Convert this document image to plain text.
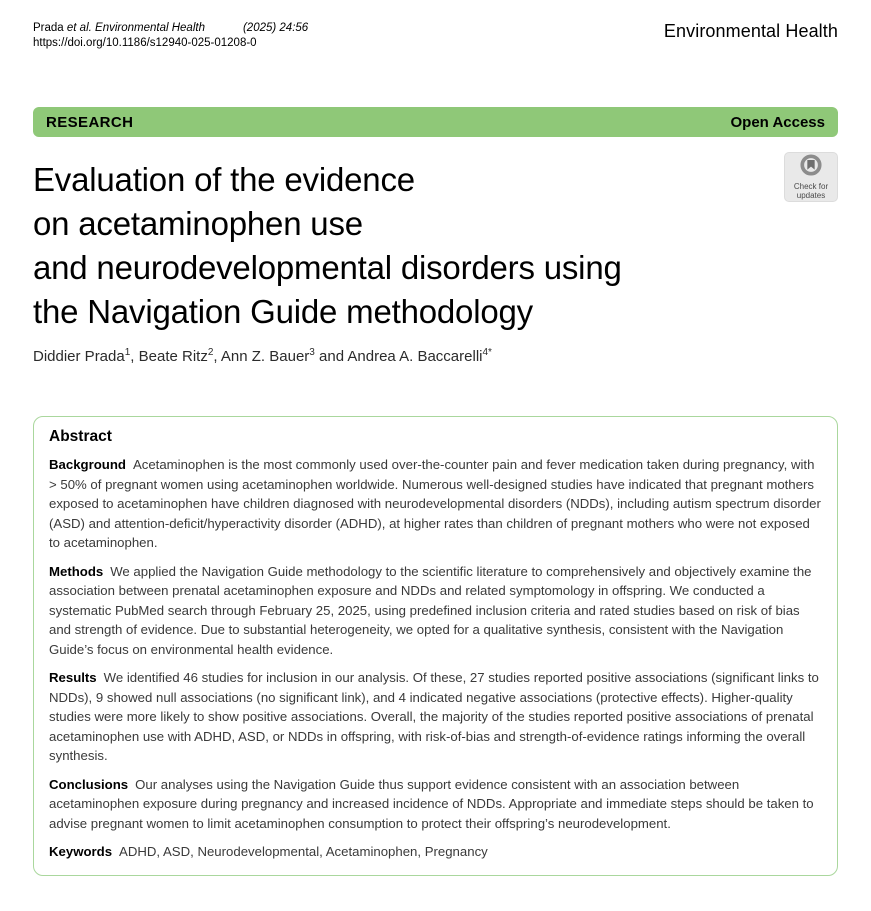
Prada et al. Environmental Health	(2025) 24:56
https://doi.org/10.1186/s12940-025-01208-0
Environmental Health
RESEARCH	Open Access
Check for
updates
Evaluation of the evidence
on acetaminophen use
and neurodevelopmental disorders using
the Navigation Guide methodology
Diddier Prada$^1$, Beate Ritz$^2$, Ann Z. Bauer$^3$ and Andrea A. Baccarelli$^{4*}$
Abstract

Background Acetaminophen is the most commonly used over-the-counter pain and fever medication taken during pregnancy, with > 50% of pregnant women using acetaminophen worldwide. Numerous well-designed studies have indicated that pregnant mothers exposed to acetaminophen have children diagnosed with neurodevelopmental disorders (NDDs), including autism spectrum disorder (ASD) and attention-deficit/hyperactivity disorder (ADHD), at higher rates than children of pregnant mothers who were not exposed to acetaminophen.

Methods We applied the Navigation Guide methodology to the scientific literature to comprehensively and objectively examine the association between prenatal acetaminophen exposure and NDDs and related symptomology in offspring. We conducted a systematic PubMed search through February 25, 2025, using predefined inclusion criteria and rated studies based on risk of bias and strength of evidence. Due to substantial heterogeneity, we opted for a qualitative synthesis, consistent with the Navigation Guide’s focus on environmental health evidence.

Results We identified 46 studies for inclusion in our analysis. Of these, 27 studies reported positive associations (significant links to NDDs), 9 showed null associations (no significant link), and 4 indicated negative associations (protective effects). Higher-quality studies were more likely to show positive associations. Overall, the majority of the studies reported positive associations of prenatal acetaminophen use with ADHD, ASD, or NDDs in offspring, with risk-of-bias and strength-of-evidence ratings informing the overall synthesis.

Conclusions Our analyses using the Navigation Guide thus support evidence consistent with an association between acetaminophen exposure during pregnancy and increased incidence of NDDs. Appropriate and immediate steps should be taken to advise pregnant women to limit acetaminophen consumption to protect their offspring’s neurodevelopment.

Keywords ADHD, ASD, Neurodevelopmental, Acetaminophen, Pregnancy
